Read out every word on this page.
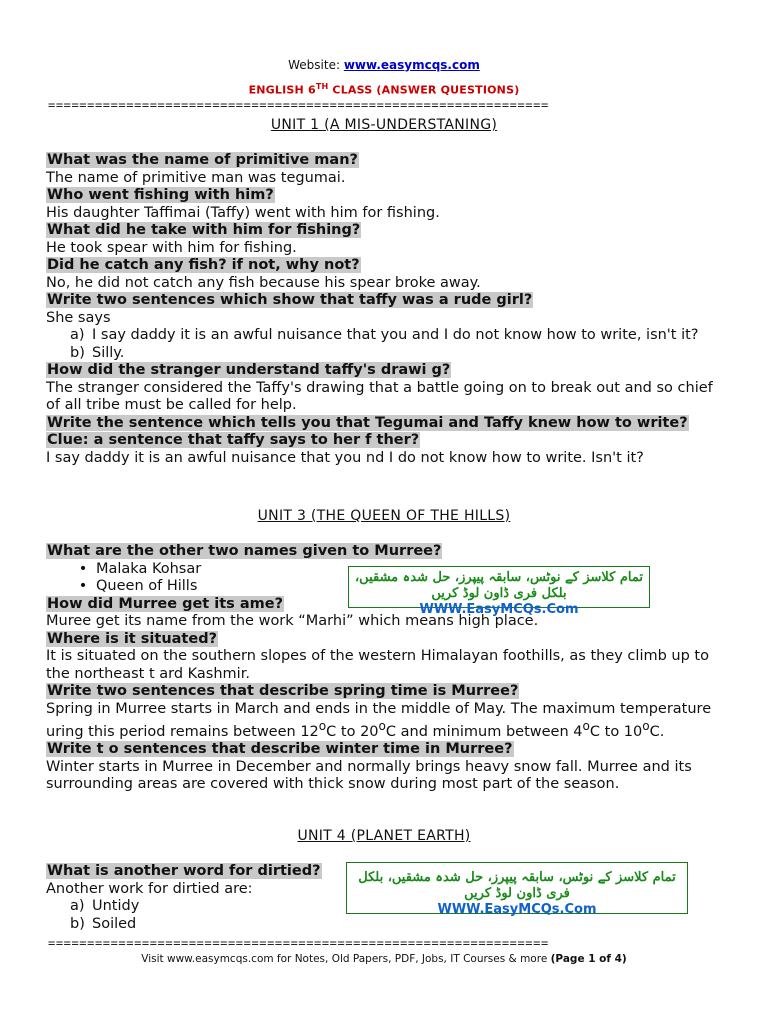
Website: www.easymcqs.com
ENGLISH 6TH CLASS (ANSWER QUESTIONS)
================================================================
UNIT 1 (A MIS-UNDERSTANING)
What was the name of primitive man?

The name of primitive man was tegumai.

Who went fishing with him?

His daughter Taffimai (Taffy) went with him for fishing.

What did he take with him for fishing?

He took spear with him for fishing.

Did he catch any fish? if not, why not?

No, he did not catch any fish because his spear broke away.

Write two sentences which show that taffy was a rude girl?

She says

a) I say daddy it is an awful nuisance that you and I do not know how to write, isn't it?
b) Silly.
How did the stranger understand taffy's drawi g?

The stranger considered the Taffy's drawing that a battle going on to break out and so chief of all tribe must be called for help.

Write the sentence which tells you that Tegumai and Taffy knew how to write? Clue: a sentence that taffy says to her f ther?

I say daddy it is an awful nuisance that you nd I do not know how to write. Isn't it?

UNIT 3 (THE QUEEN OF THE HILLS)
What are the other two names given to Murree?
• Malaka Kohsar
• Queen of Hills
How did Murree get its ame?

Muree get its name from the work “Marhi” which means high place.

Where is it situated?

It is situated on the southern slopes of the western Himalayan foothills, as they climb up to the northeast t ard Kashmir.

Write two sentences that describe spring time is Murree?

Spring in Murree starts in March and ends in the middle of May. The maximum temperature uring this period remains between 12$^o$C to 20$^o$C and minimum between 4$^o$C to 10$^o$C.

Write t o sentences that describe winter time in Murree?

Winter starts in Murree in December and normally brings heavy snow fall. Murree and its surrounding areas are covered with thick snow during most part of the season.

تمام کلاسز کے نوٹس، سابقہ پیپرز، حل شدہ مشقیں، بلکل فری ڈاون لوڈ کریں
WWW.EasyMCQs.Com
UNIT 4 (PLANET EARTH)
What is another word for dirtied?

Another work for dirtied are:

a) Untidy
b) Soiled
تمام کلاسز کے نوٹس، سابقہ پیپرز، حل شدہ مشقیں، بلکل فری ڈاون لوڈ کریں
WWW.EasyMCQs.Com
================================================================
Visit www.easymcqs.com for Notes, Old Papers, PDF, Jobs, IT Courses & more (Page 1 of 4)
